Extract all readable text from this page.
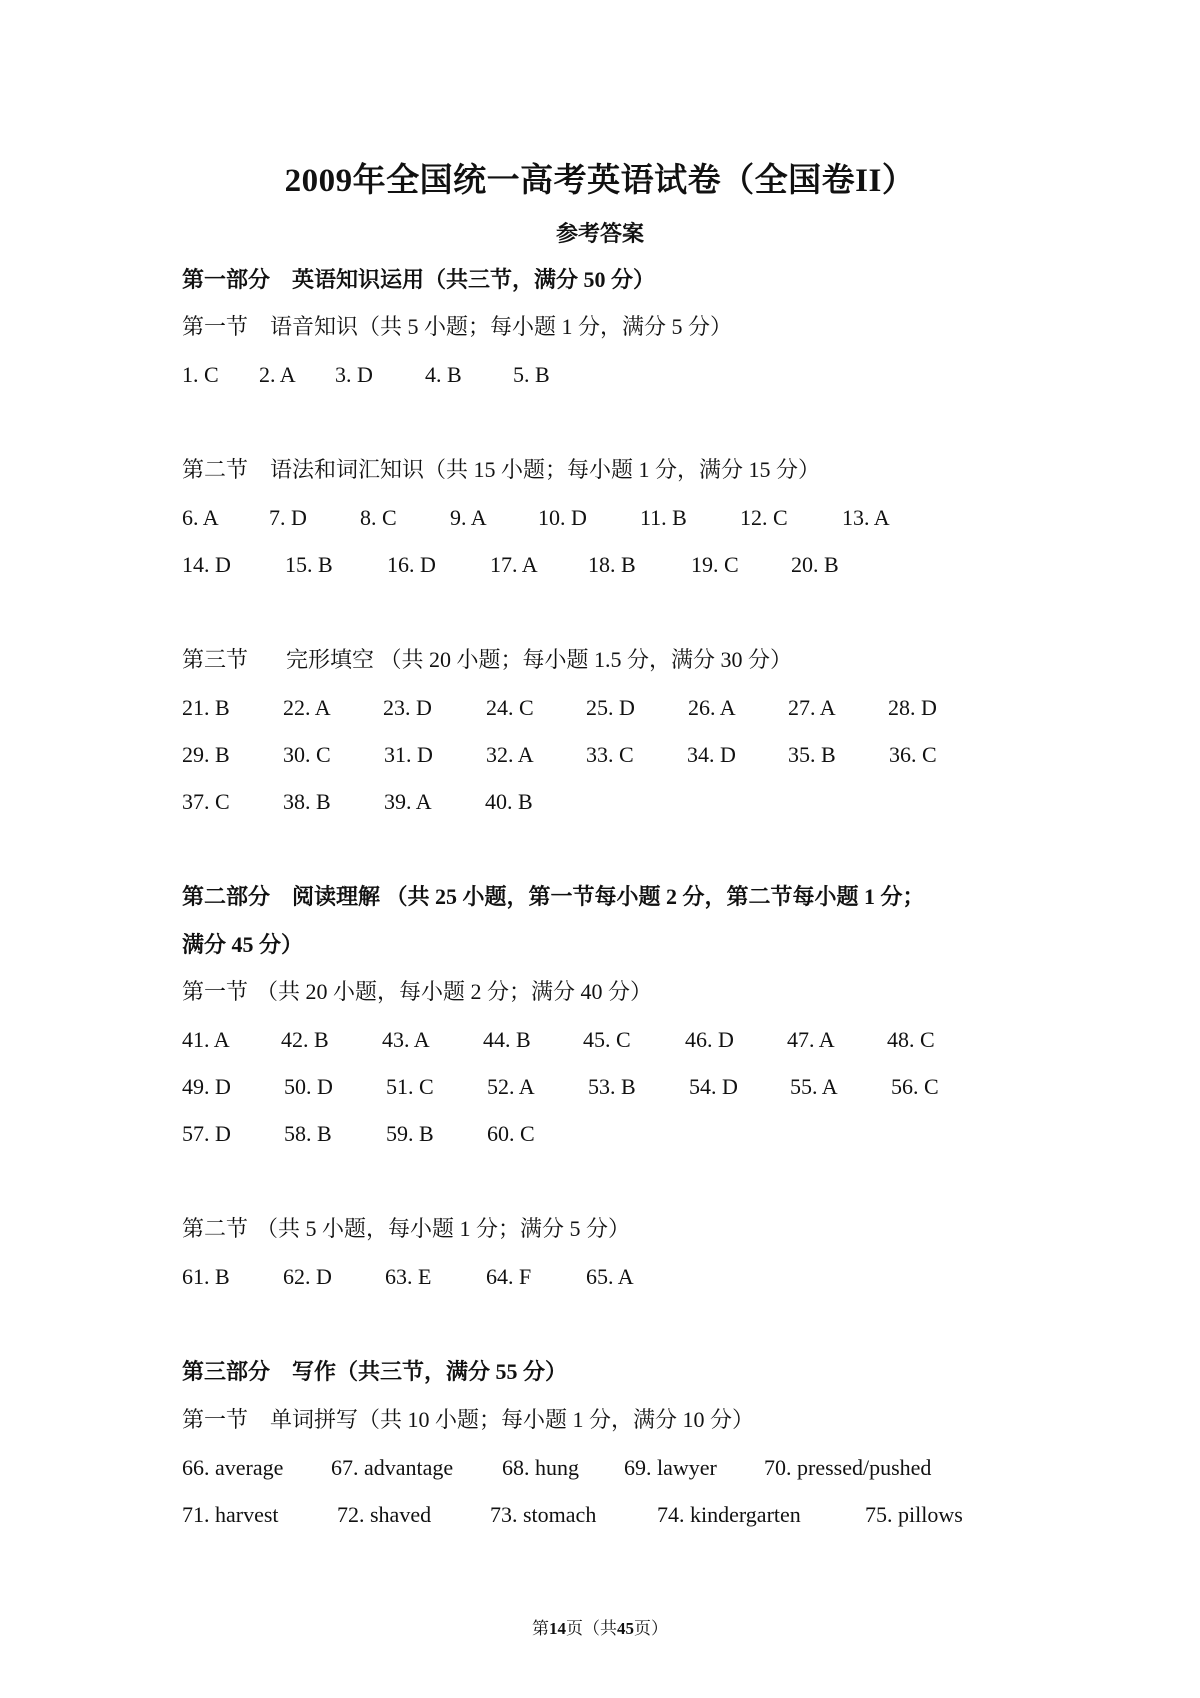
2009年全国统一高考英语试卷（全国卷II）
参考答案
第一部分 英语知识运用（共三节，满分 50 分）
第一节 语音知识（共 5 小题；每小题 1 分，满分 5 分）
1. C 2. A 3. D 4. B 5. B
第二节 语法和词汇知识（共 15 小题；每小题 1 分，满分 15 分）
6. A 7. D 8. C 9. A 10. D 11. B 12. C 13. A
14. D 15. B 16. D 17. A 18. B	19. C 20. B
第三节 完形填空 （共 20 小题；每小题 1.5 分，满分 30 分）
21. B 22. A 23. D 24. C 25. D 26. A 27. A 28. D
29. B 30. C 31. D 32. A 33. C 34. D 35. B 36. C
37. C 38. B 39. A 40. B
第二部分 阅读理解 （共 25 小题，第一节每小题 2 分，第二节每小题 1 分；
满分 45 分）
第一节 （共 20 小题，每小题 2 分；满分 40 分）
41. A 42. B 43. A 44. B 45. C 46. D 47. A 48. C
49. D 50. D 51. C 52. A 53. B 54. D 55. A 56. C
57. D 58. B 59. B 60. C
第二节 （共 5 小题，每小题 1 分；满分 5 分）
61. B 62. D 63. E 64. F 65. A
第三部分 写作（共三节，满分 55 分）
第一节 单词拼写（共 10 小题；每小题 1 分，满分 10 分）
66. average 67. advantage 68. hung 69. lawyer 70. pressed/pushed
71. harvest	72. shaved	73. stomach	74. kindergarten	75. pillows
第14页（共45页）
